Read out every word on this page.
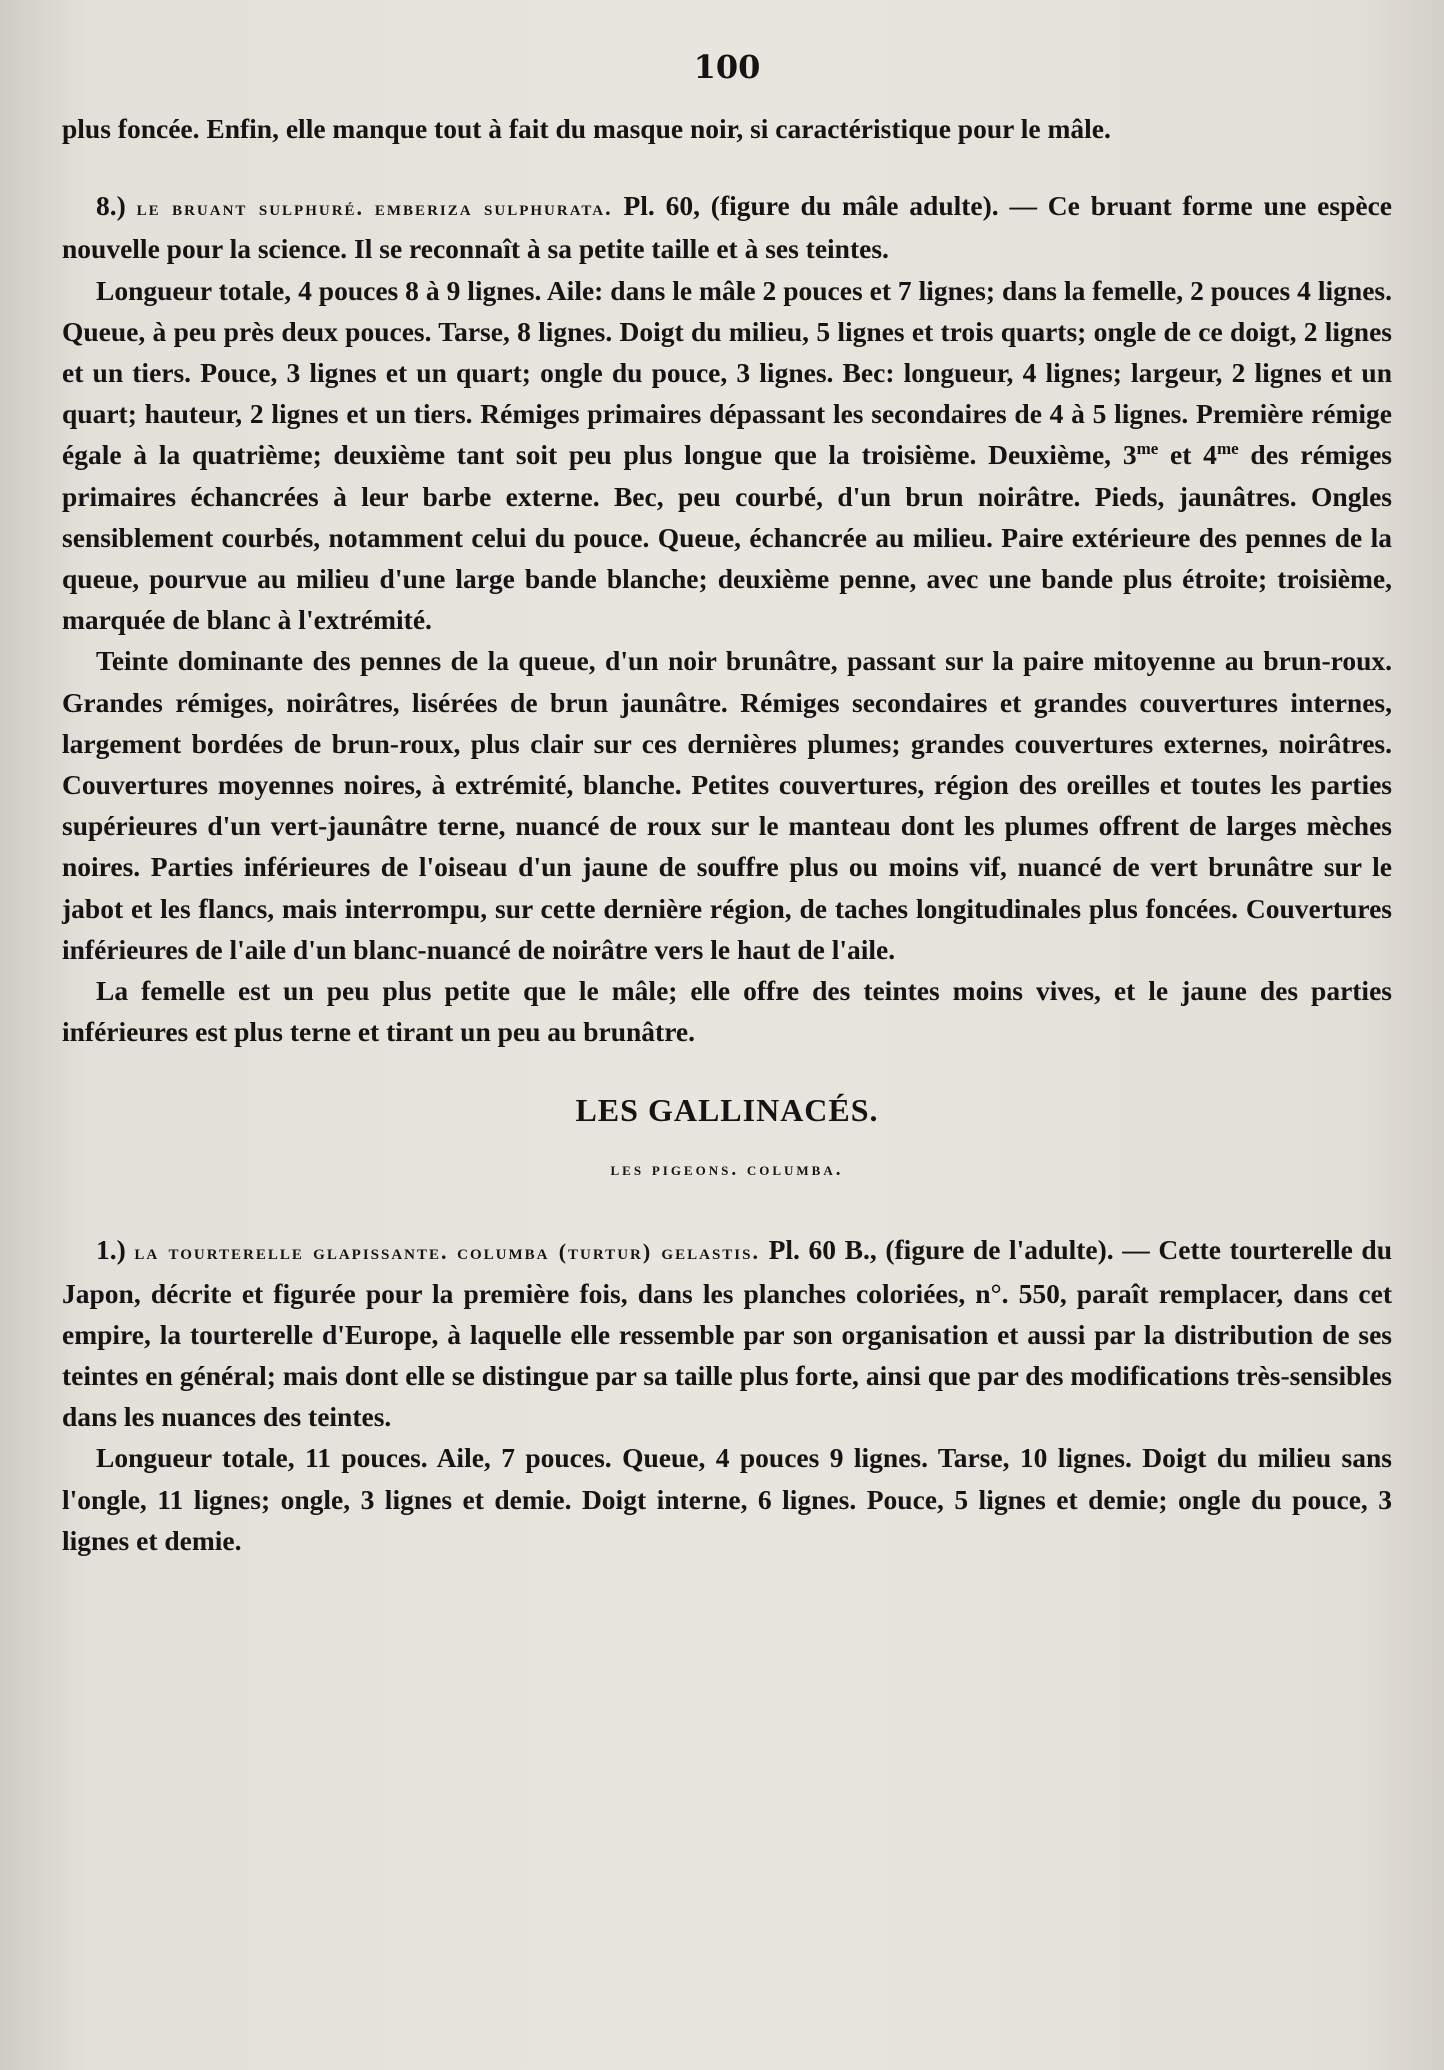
100

plus foncée. Enfin, elle manque tout à fait du masque noir, si caractéristique pour le mâle.

8.) le bruant sulphuré. emberiza sulphurata. Pl. 60, (figure du mâle adulte). — Ce bruant forme une espèce nouvelle pour la science. Il se reconnaît à sa petite taille et à ses teintes.

Longueur totale, 4 pouces 8 à 9 lignes. Aile: dans le mâle 2 pouces et 7 lignes; dans la femelle, 2 pouces 4 lignes. Queue, à peu près deux pouces. Tarse, 8 lignes. Doigt du milieu, 5 lignes et trois quarts; ongle de ce doigt, 2 lignes et un tiers. Pouce, 3 lignes et un quart; ongle du pouce, 3 lignes. Bec: longueur, 4 lignes; largeur, 2 lignes et un quart; hauteur, 2 lignes et un tiers. Rémiges primaires dépassant les secondaires de 4 à 5 lignes. Première rémige égale à la quatrième; deuxième tant soit peu plus longue que la troisième. Deuxième, $3^{me}$ et $4^{me}$ des rémiges primaires échancrées à leur barbe externe. Bec, peu courbé, d'un brun noirâtre. Pieds, jaunâtres. Ongles sensiblement courbés, notamment celui du pouce. Queue, échancrée au milieu. Paire extérieure des pennes de la queue, pourvue au milieu d'une large bande blanche; deuxième penne, avec une bande plus étroite; troisième, marquée de blanc à l'extrémité.

Teinte dominante des pennes de la queue, d'un noir brunâtre, passant sur la paire mitoyenne au brun-roux. Grandes rémiges, noirâtres, lisérées de brun jaunâtre. Rémiges secondaires et grandes couvertures internes, largement bordées de brun-roux, plus clair sur ces dernières plumes; grandes couvertures externes, noirâtres. Couvertures moyennes noires, à extrémité, blanche. Petites couvertures, région des oreilles et toutes les parties supérieures d'un vert-jaunâtre terne, nuancé de roux sur le manteau dont les plumes offrent de larges mèches noires. Parties inférieures de l'oiseau d'un jaune de souffre plus ou moins vif, nuancé de vert brunâtre sur le jabot et les flancs, mais interrompu, sur cette dernière région, de taches longitudinales plus foncées. Couvertures inférieures de l'aile d'un blanc-nuancé de noirâtre vers le haut de l'aile.

La femelle est un peu plus petite que le mâle; elle offre des teintes moins vives, et le jaune des parties inférieures est plus terne et tirant un peu au brunâtre.

LES GALLINACÉS.
les pigeons. columba.

1.) la tourterelle glapissante. columba (turtur) gelastis. Pl. 60 B., (figure de l'adulte). — Cette tourterelle du Japon, décrite et figurée pour la première fois, dans les planches coloriées, n°. 550, paraît remplacer, dans cet empire, la tourterelle d'Europe, à laquelle elle ressemble par son organisation et aussi par la distribution de ses teintes en général; mais dont elle se distingue par sa taille plus forte, ainsi que par des modifications très-sensibles dans les nuances des teintes.

Longueur totale, 11 pouces. Aile, 7 pouces. Queue, 4 pouces 9 lignes. Tarse, 10 lignes. Doigt du milieu sans l'ongle, 11 lignes; ongle, 3 lignes et demie. Doigt interne, 6 lignes. Pouce, 5 lignes et demie; ongle du pouce, 3 lignes et demie.
